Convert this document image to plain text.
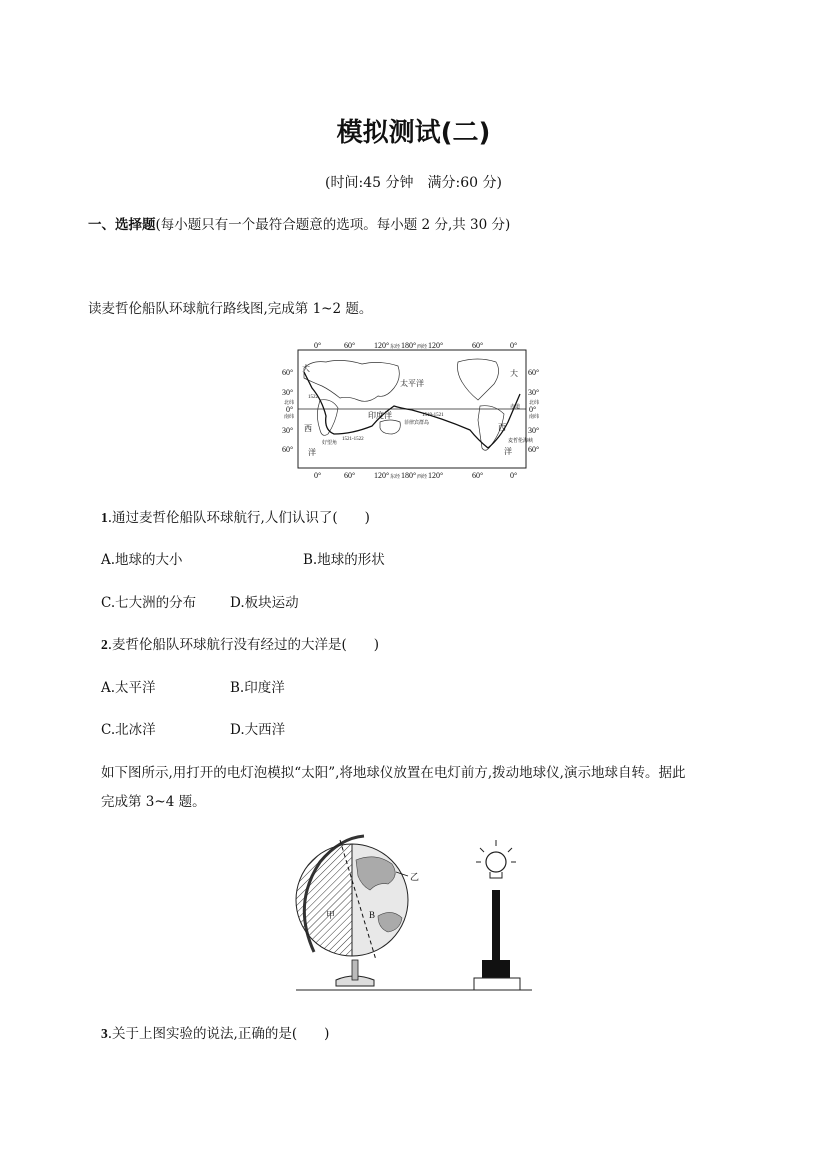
模拟测试(二)
(时间:45 分钟　满分:60 分)
一、选择题(每小题只有一个最符合题意的选项。每小题 2 分,共 30 分)
读麦哲伦船队环球航行路线图,完成第 1~2 题。
0°	60° 120° 东经 180° 西经 120°	60°	0°
0°	60° 120° 东经 180° 西经 120°	60°	0°
60°
30°
北纬
0°
南纬
30°
60°
60°
30°
北纬
0°
南纬
30°
60°
大
太平洋
印度洋
大
西
洋
西
洋
1519-1521
1521-1522
1522
菲律宾群岛
赤道
好望角	麦哲伦海峡
1.通过麦哲伦船队环球航行,人们认识了(　　)
A.地球的大小	B.地球的形状
C.七大洲的分布	D.板块运动
2.麦哲伦船队环球航行没有经过的大洋是(　　)
A.太平洋	B.印度洋
C.北冰洋	D.大西洋
如下图所示,用打开的电灯泡模拟“太阳”,将地球仪放置在电灯前方,拨动地球仪,演示地球自转。据此
完成第 3~4 题。
甲
乙
B
3.关于上图实验的说法,正确的是(　　)
